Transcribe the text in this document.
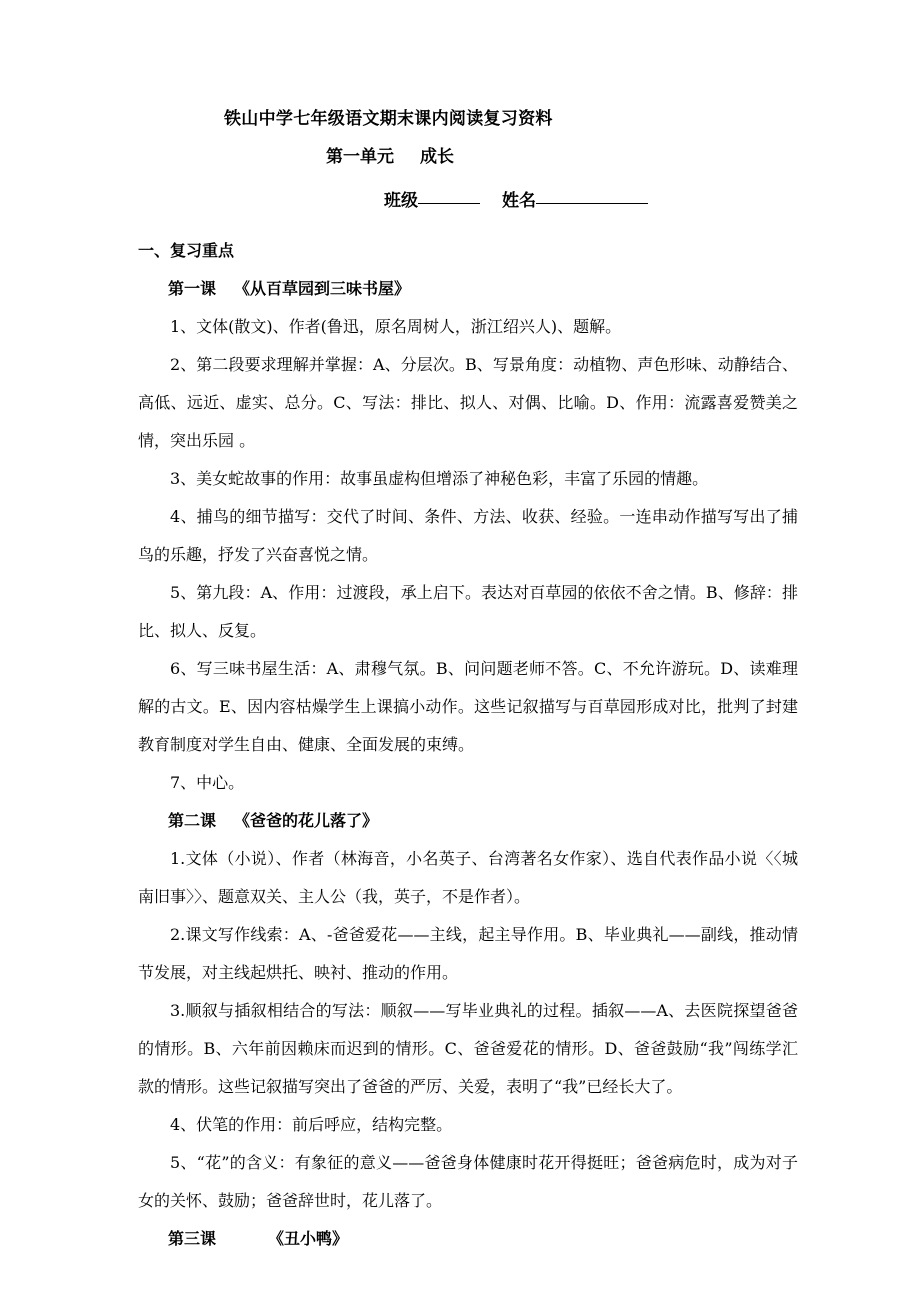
铁山中学七年级语文期末课内阅读复习资料
第一单元 成长
班级	姓名
一、复习重点
第一课 《从百草园到三味书屋》

1、文体(散文)、作者(鲁迅，原名周树人，浙江绍兴人)、题解。

2、第二段要求理解并掌握：A、分层次。B、写景角度：动植物、声色形味、动静结合、高低、远近、虚实、总分。C、写法：排比、拟人、对偶、比喻。D、作用：流露喜爱赞美之情，突出乐园 。

3、美女蛇故事的作用：故事虽虚构但增添了神秘色彩，丰富了乐园的情趣。

4、捕鸟的细节描写：交代了时间、条件、方法、收获、经验。一连串动作描写写出了捕鸟的乐趣，抒发了兴奋喜悦之情。

5、第九段：A、作用：过渡段，承上启下。表达对百草园的依依不舍之情。B、修辞：排比、拟人、反复。

6、写三味书屋生活：A、肃穆气氛。B、问问题老师不答。C、不允许游玩。D、读难理解的古文。E、因内容枯燥学生上课搞小动作。这些记叙描写与百草园形成对比，批判了封建教育制度对学生自由、健康、全面发展的束缚。

7、中心。

第二课 《爸爸的花儿落了》

1.文体（小说）、作者（林海音，小名英子、台湾著名女作家）、选自代表作品小说〈〈城南旧事〉〉、题意双关、主人公（我，英子，不是作者）。

2.课文写作线索：A、-爸爸爱花——主线，起主导作用。B、毕业典礼——副线，推动情节发展，对主线起烘托、映衬、推动的作用。

3.顺叙与插叙相结合的写法：顺叙——写毕业典礼的过程。插叙——A、去医院探望爸爸的情形。B、六年前因赖床而迟到的情形。C、爸爸爱花的情形。D、爸爸鼓励“我”闯练学汇款的情形。这些记叙描写突出了爸爸的严厉、关爱，表明了“我”已经长大了。

4、伏笔的作用：前后呼应，结构完整。

5、“花”的含义：有象征的意义——爸爸身体健康时花开得挺旺；爸爸病危时，成为对子女的关怀、鼓励；爸爸辞世时，花儿落了。

第三课	《丑小鸭》
